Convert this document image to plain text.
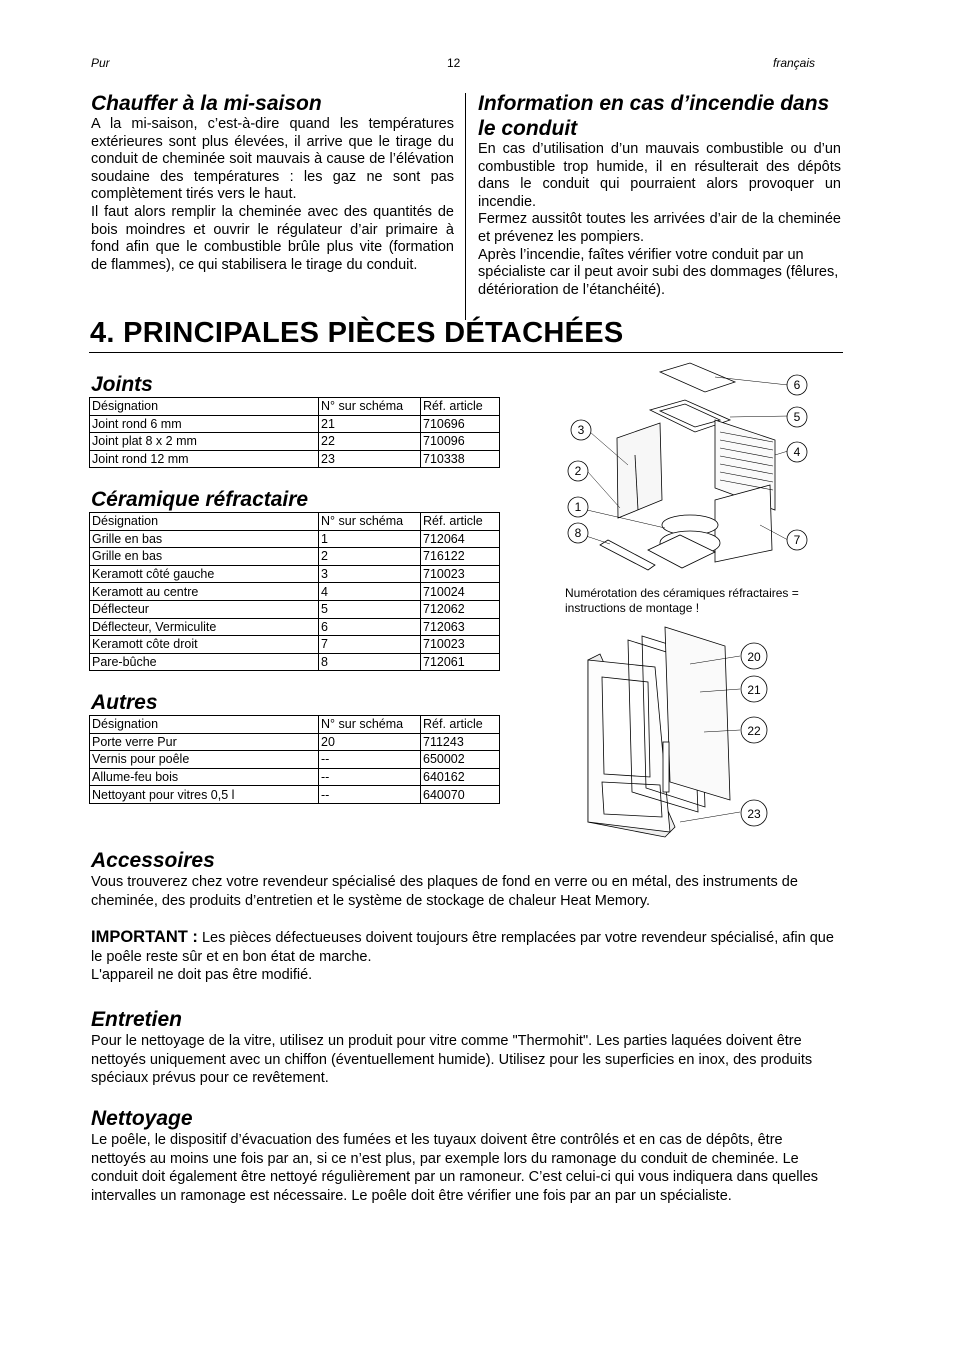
Pur	12	français
Chauffer à la mi-saison

A la mi-saison, c’est-à-dire quand les températures extérieures sont plus élevées, il arrive que le tirage du conduit de cheminée soit mauvais à cause de l’élévation soudaine des températures : les gaz ne sont pas complètement tirés vers le haut.

Il faut alors remplir la cheminée avec des quantités de bois moindres et ouvrir le régulateur d’air primaire à fond afin que le combustible brûle plus vite (formation de flammes), ce qui stabilisera le tirage du conduit.

Information en cas d’incendie dans le conduit

En cas d’utilisation d’un mauvais combustible ou d’un combustible trop humide, il en résulterait des dépôts dans le conduit qui pourraient alors provoquer un incendie.

Fermez aussitôt toutes les arrivées d’air de la cheminée et prévenez les pompiers.

Après l’incendie, faîtes vérifier votre conduit par un spécialiste car il peut avoir subi des dommages (fêlures, détérioration de l’étanchéité).

4. PRINCIPALES PIÈCES DÉTACHÉES
Joints
Désignation	N° sur schéma	Réf. article
Joint rond 6 mm	21	710696
Joint plat 8 x 2 mm	22	710096
Joint rond 12 mm	23	710338
Céramique réfractaire
Désignation	N° sur schéma	Réf. article
Grille en bas	1	712064
Grille en bas	2	716122
Keramott côté gauche	3	710023
Keramott au centre	4	710024
Déflecteur	5	712062
Déflecteur, Vermiculite	6	712063
Keramott côte droit	7	710023
Pare-bûche	8	712061
Autres
Désignation	N° sur schéma	Réf. article
Porte verre Pur	20	711243
Vernis pour poêle	--	650002
Allume-feu bois	--	640162
Nettoyant pour vitres 0,5 l	--	640070
3
2
1
8
6
5
4
7
Numérotation des céramiques réfractaires = instructions de montage !
20
21
22
23
Accessoires

Vous trouverez chez votre revendeur spécialisé des plaques de fond en verre ou en métal, des instruments de cheminée, des produits d’entretien et le système de stockage de chaleur Heat Memory.

IMPORTANT : Les pièces défectueuses doivent toujours être remplacées par votre revendeur spécialisé, afin que le poêle reste sûr et en bon état de marche.

L'appareil ne doit pas être modifié.

Entretien

Pour le nettoyage de la vitre, utilisez un produit pour vitre comme "Thermohit". Les parties laquées doivent être nettoyés uniquement avec un chiffon (éventuellement humide). Utilisez pour les superficies en inox, des produits spéciaux prévus pour ce revêtement.

Nettoyage

Le poêle, le dispositif d’évacuation des fumées et les tuyaux doivent être contrôlés et en cas de dépôts, être nettoyés au moins une fois par an, si ce n’est plus, par exemple lors du ramonage du conduit de cheminée. Le conduit doit également être nettoyé régulièrement par un ramoneur. C’est celui-ci qui vous indiquera dans quelles intervalles un ramonage est nécessaire. Le poêle doit être vérifier une fois par an par un spécialiste.
